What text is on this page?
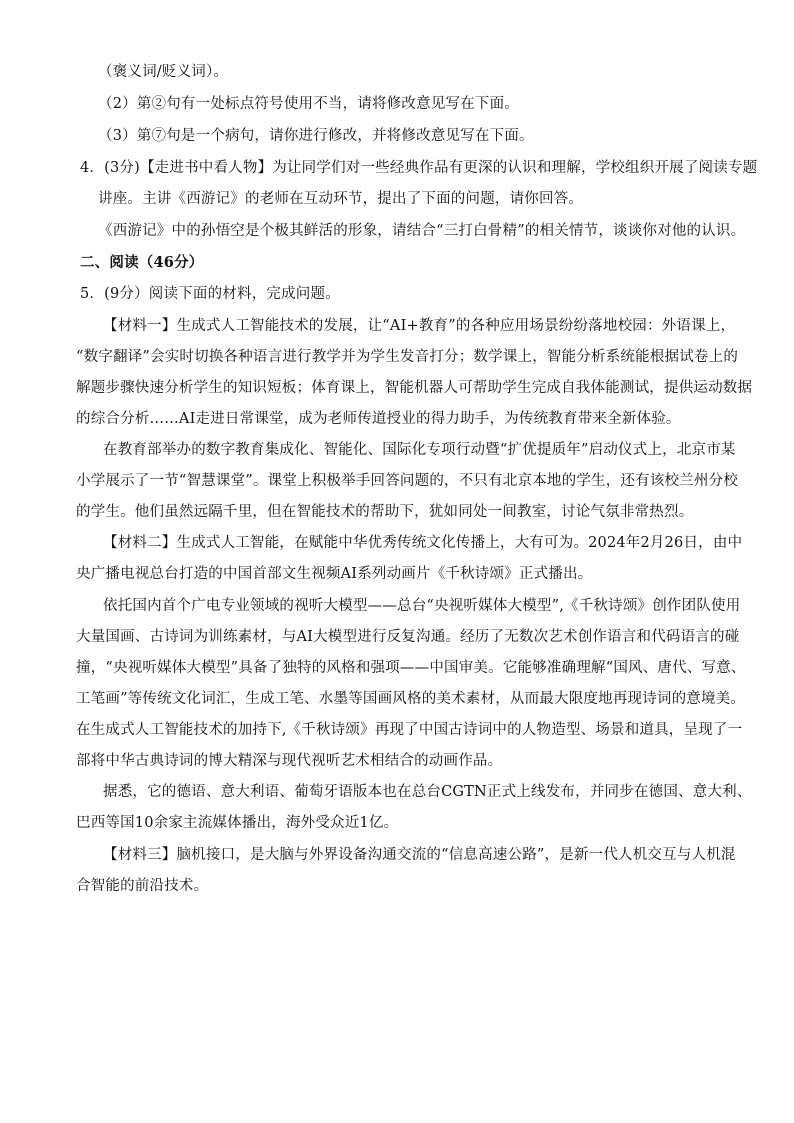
（褒义词/贬义词）。
（2）第②句有一处标点符号使用不当，请将修改意见写在下面。
（3）第⑦句是一个病句，请你进行修改，并将修改意见写在下面。
4．(3分)【走进书中看人物】为让同学们对一些经典作品有更深的认识和理解，学校组织开展了阅读专题
讲座。主讲《西游记》的老师在互动环节，提出了下面的问题，请你回答。
《西游记》中的孙悟空是个极其鲜活的形象，请结合“三打白骨精”的相关情节，谈谈你对他的认识。
二、阅读（46分）
5．(9分）阅读下面的材料，完成问题。
【材料一】生成式人工智能技术的发展，让“AI+教育”的各种应用场景纷纷落地校园：外语课上，
“数字翻译”会实时切换各种语言进行教学并为学生发音打分；数学课上，智能分析系统能根据试卷上的
解题步骤快速分析学生的知识短板；体育课上，智能机器人可帮助学生完成自我体能测试，提供运动数据
的综合分析……AI走进日常课堂，成为老师传道授业的得力助手，为传统教育带来全新体验。
在教育部举办的数字教育集成化、智能化、国际化专项行动暨“扩优提质年”启动仪式上，北京市某
小学展示了一节“智慧课堂”。课堂上积极举手回答问题的，不只有北京本地的学生，还有该校兰州分校
的学生。他们虽然远隔千里，但在智能技术的帮助下，犹如同处一间教室，讨论气氛非常热烈。
【材料二】生成式人工智能，在赋能中华优秀传统文化传播上，大有可为。2024年2月26日，由中
央广播电视总台打造的中国首部文生视频AI系列动画片《千秋诗颂》正式播出。
依托国内首个广电专业领域的视听大模型——总台“央视听媒体大模型”,《千秋诗颂》创作团队使用
大量国画、古诗词为训练素材，与AI大模型进行反复沟通。经历了无数次艺术创作语言和代码语言的碰
撞，“央视听媒体大模型”具备了独特的风格和强项——中国审美。它能够准确理解“国风、唐代、写意、
工笔画”等传统文化词汇，生成工笔、水墨等国画风格的美术素材，从而最大限度地再现诗词的意境美。
在生成式人工智能技术的加持下,《千秋诗颂》再现了中国古诗词中的人物造型、场景和道具，呈现了一
部将中华古典诗词的博大精深与现代视听艺术相结合的动画作品。
据悉，它的德语、意大利语、葡萄牙语版本也在总台CGTN正式上线发布，并同步在德国、意大利、
巴西等国10余家主流媒体播出，海外受众近1亿。
【材料三】脑机接口，是大脑与外界设备沟通交流的“信息高速公路”，是新一代人机交互与人机混
合智能的前沿技术。
